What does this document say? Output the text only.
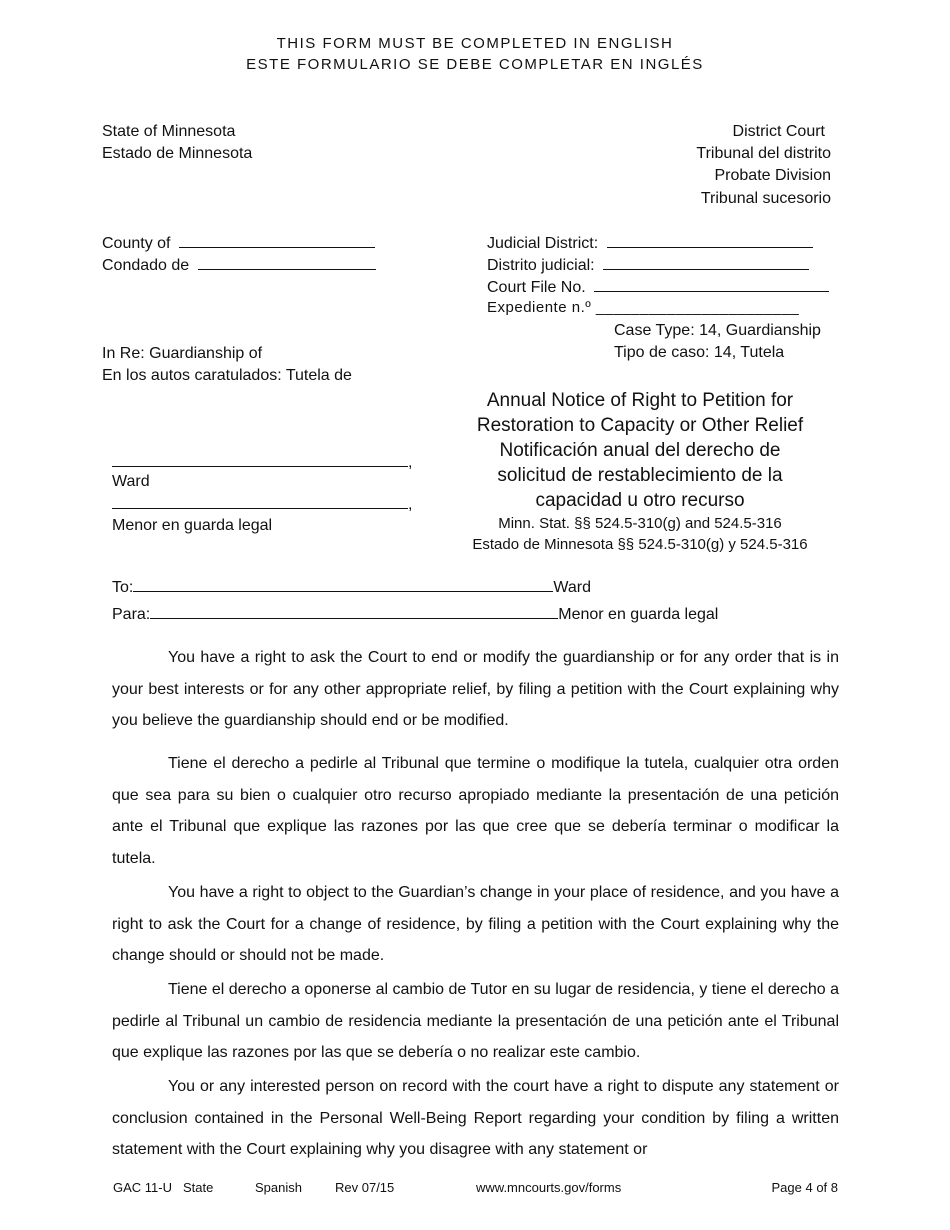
THIS FORM MUST BE COMPLETED IN ENGLISH
ESTE FORMULARIO SE DEBE COMPLETAR EN INGLÉS
State of Minnesota
Estado de Minnesota
County of
Condado de
District Court
Tribunal del distrito
Probate Division
Tribunal sucesorio
Judicial District:
Distrito judicial:
Court File No.
Expediente n.º _______________________
Case Type: 14, Guardianship
Tipo de caso: 14, Tutela
In Re: Guardianship of
En los autos caratulados: Tutela de
,
Ward
,
Menor en guarda legal
Annual Notice of Right to Petition for
Restoration to Capacity or Other Relief
Notificación anual del derecho de
solicitud de restablecimiento de la
capacidad u otro recurso
Minn. Stat. §§ 524.5-310(g) and 524.5-316
Estado de Minnesota §§ 524.5-310(g) y 524.5-316
To:	Ward
Para:	Menor en guarda legal

You have a right to ask the Court to end or modify the guardianship or for any order that is in your best interests or for any other appropriate relief, by filing a petition with the Court explaining why you believe the guardianship should end or be modified.

Tiene el derecho a pedirle al Tribunal que termine o modifique la tutela, cualquier otra orden que sea para su bien o cualquier otro recurso apropiado mediante la presentación de una petición ante el Tribunal que explique las razones por las que cree que se debería terminar o modificar la tutela.

You have a right to object to the Guardian’s change in your place of residence, and you have a right to ask the Court for a change of residence, by filing a petition with the Court explaining why the change should or should not be made.

Tiene el derecho a oponerse al cambio de Tutor en su lugar de residencia, y tiene el derecho a pedirle al Tribunal un cambio de residencia mediante la presentación de una petición ante el Tribunal que explique las razones por las que se debería o no realizar este cambio.

You or any interested person on record with the court have a right to dispute any statement or conclusion contained in the Personal Well-Being Report regarding your condition by filing a written statement with the Court explaining why you disagree with any statement or

GAC 11-U State	Spanish	Rev 07/15	www.mncourts.gov/forms	Page 4 of 8
